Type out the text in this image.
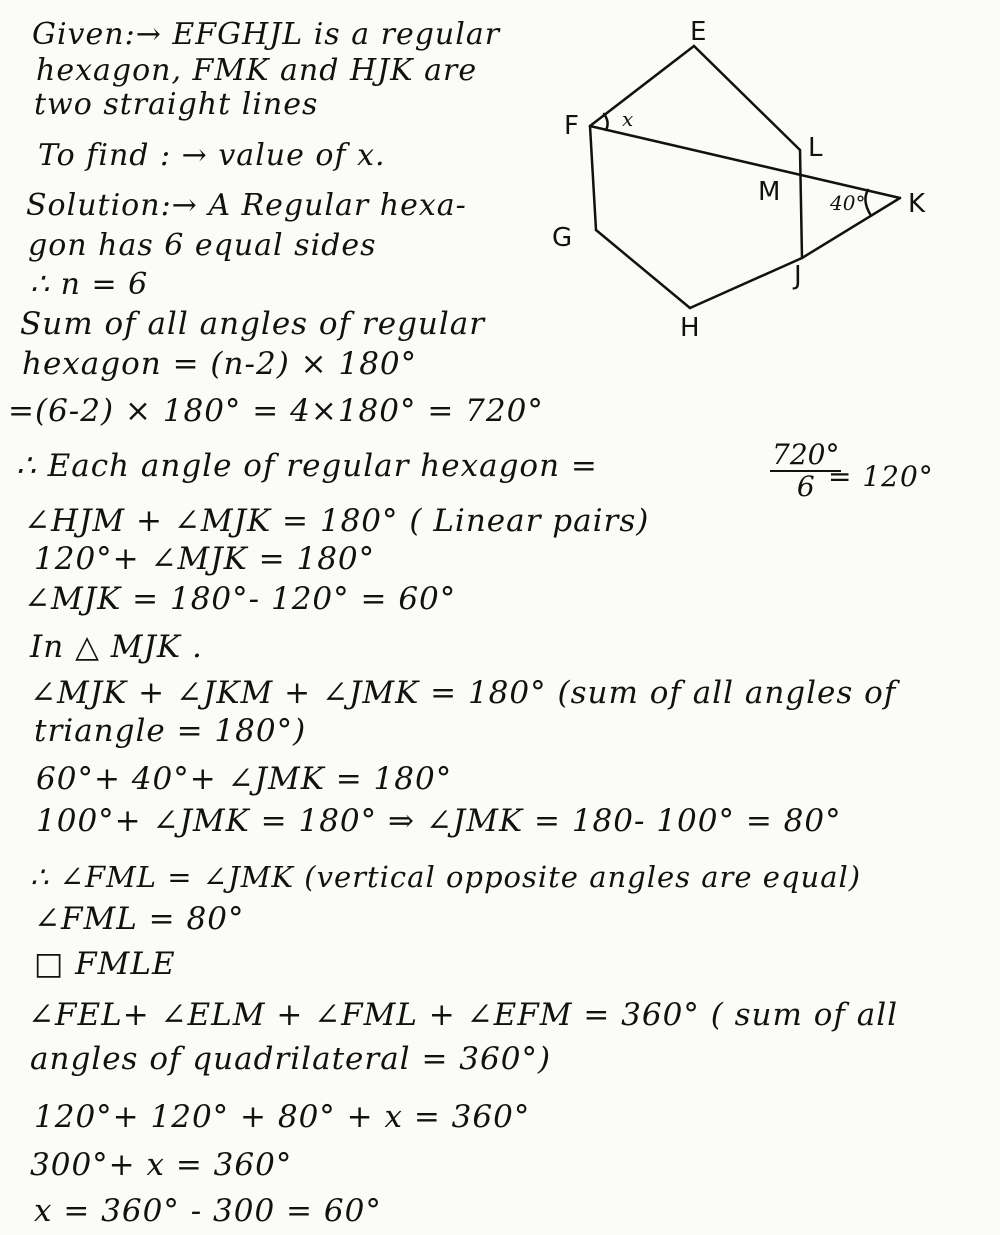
Given:→ EFGHJL is a regular
hexagon, FMK and HJK are
two straight lines
To find : → value of x.
Solution:→ A Regular hexa-
gon has 6 equal sides
∴ n = 6
Sum of all angles of regular
hexagon = (n-2) × 180°
=(6-2) × 180° = 4×180° = 720°
∴ Each angle of regular hexagon =	$\frac{720^\circ}{6}$
= 120°
∠HJM + ∠MJK = 180° ( Linear pairs)
120°+ ∠MJK = 180°
∠MJK = 180°- 120° = 60°
In △ MJK .
∠MJK + ∠JKM + ∠JMK = 180° (sum of all angles of
triangle = 180°)
60°+ 40°+ ∠JMK = 180°
100°+ ∠JMK = 180° ⇒ ∠JMK = 180- 100° = 80°
∴ ∠FML = ∠JMK (vertical opposite angles are equal)
∠FML = 80°
□ FMLE
∠FEL+ ∠ELM + ∠FML + ∠EFM = 360° ( sum of all
angles of quadrilateral = 360°)
120°+ 120° + 80° + x = 360°
300°+ x = 360°
x = 360° - 300 = 60°
E
F
G
H
J
L
M	K
x
40°
